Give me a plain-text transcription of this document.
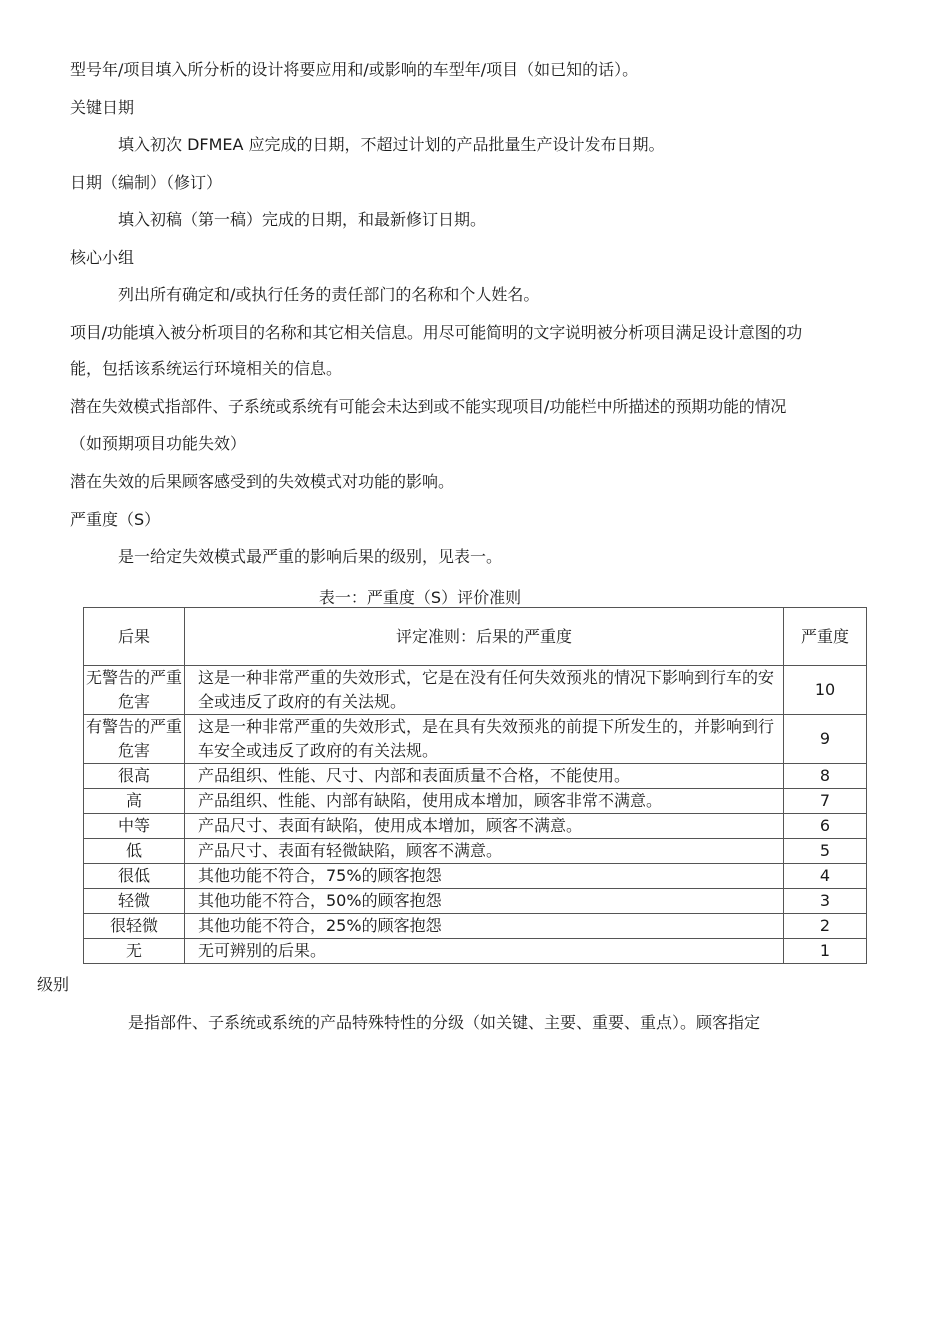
型号年/项目填入所分析的设计将要应用和/或影响的车型年/项目（如已知的话）。
关键日期
填入初次 DFMEA 应完成的日期，不超过计划的产品批量生产设计发布日期。
日期（编制）（修订）
填入初稿（第一稿）完成的日期，和最新修订日期。
核心小组
列出所有确定和/或执行任务的责任部门的名称和个人姓名。
项目/功能填入被分析项目的名称和其它相关信息。用尽可能简明的文字说明被分析项目满足设计意图的功
能，包括该系统运行环境相关的信息。
潜在失效模式指部件、子系统或系统有可能会未达到或不能实现项目/功能栏中所描述的预期功能的情况
（如预期项目功能失效）
潜在失效的后果顾客感受到的失效模式对功能的影响。
严重度（S）
是一给定失效模式最严重的影响后果的级别，见表一。
表一：严重度（S）评价准则
后果	评定准则：后果的严重度	严重度
无警告的严重危害	这是一种非常严重的失效形式，它是在没有任何失效预兆的情况下影响到行车的安全或违反了政府的有关法规。	10
有警告的严重危害	这是一种非常严重的失效形式，是在具有失效预兆的前提下所发生的，并影响到行车安全或违反了政府的有关法规。	9
很高	产品组织、性能、尺寸、内部和表面质量不合格，不能使用。	8
高	产品组织、性能、内部有缺陷，使用成本增加，顾客非常不满意。	7
中等	产品尺寸、表面有缺陷，使用成本增加，顾客不满意。	6
低	产品尺寸、表面有轻微缺陷，顾客不满意。	5
很低	其他功能不符合，75%的顾客抱怨	4
轻微	其他功能不符合，50%的顾客抱怨	3
很轻微	其他功能不符合，25%的顾客抱怨	2
无	无可辨别的后果。	1
级别
是指部件、子系统或系统的产品特殊特性的分级（如关键、主要、重要、重点）。顾客指定
